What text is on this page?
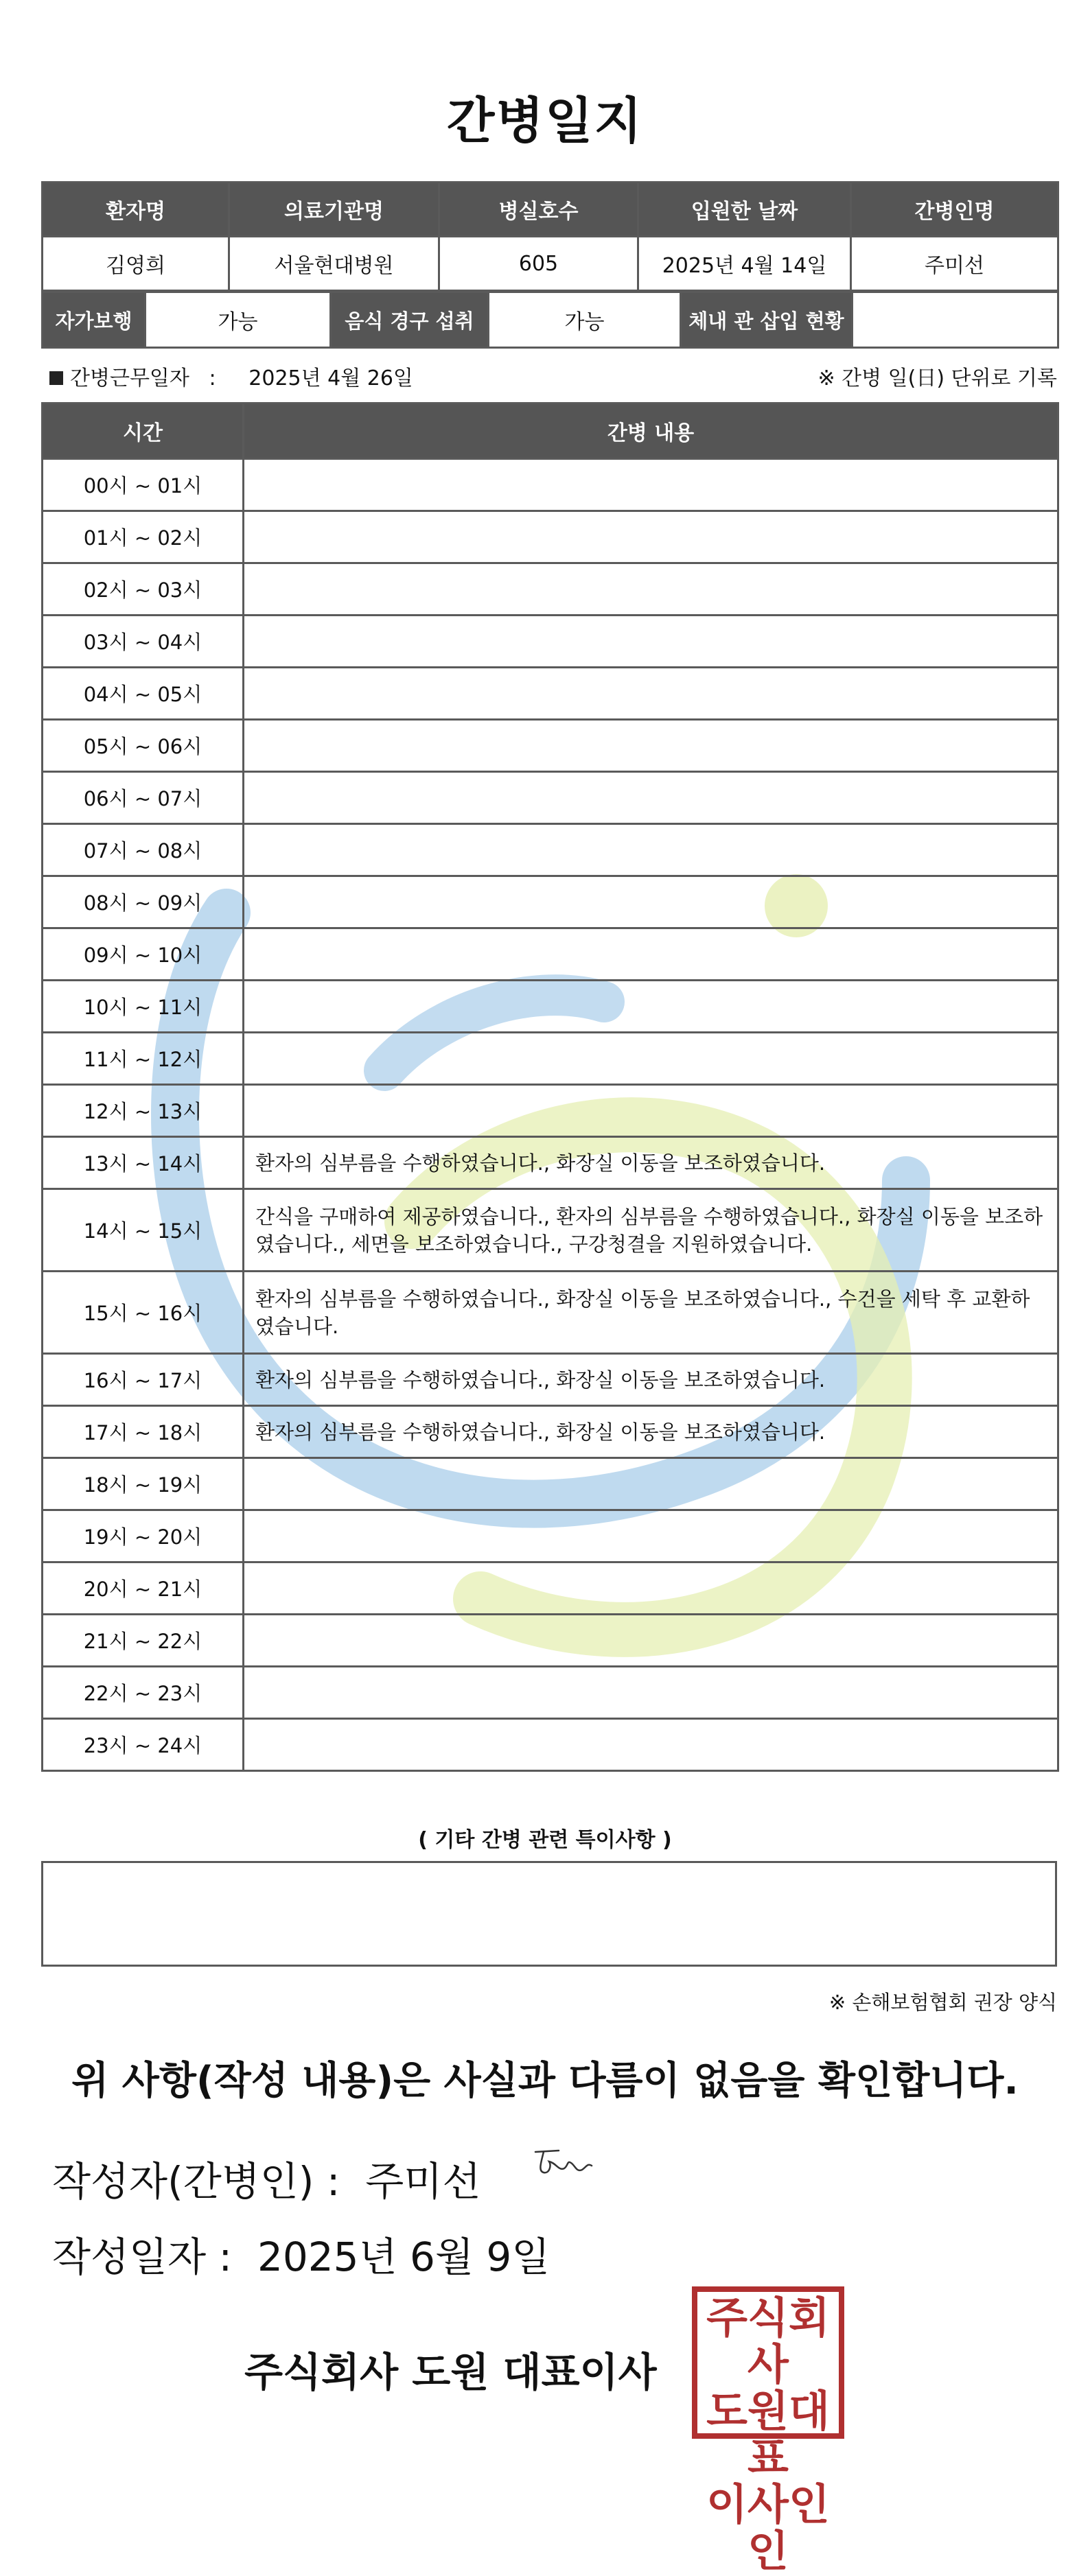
간병일지
환자명	의료기관명	병실호수	입원한 날짜	간병인명
김영희	서울현대병원	605	2025년 4월 14일	주미선
자가보행	가능	음식 경구 섭취	가능	체내 관 삽입 현황	
간병근무일자 : 2025년 4월 26일	※ 간병 일(日) 단위로 기록
시간	간병 내용
00시 ~ 01시	
01시 ~ 02시	
02시 ~ 03시	
03시 ~ 04시	
04시 ~ 05시	
05시 ~ 06시	
06시 ~ 07시	
07시 ~ 08시	
08시 ~ 09시	
09시 ~ 10시	
10시 ~ 11시	
11시 ~ 12시	
12시 ~ 13시	
13시 ~ 14시	환자의 심부름을 수행하였습니다., 화장실 이동을 보조하였습니다.
14시 ~ 15시	간식을 구매하여 제공하였습니다., 환자의 심부름을 수행하였습니다., 화장실 이동을 보조하였습니다., 세면을 보조하였습니다., 구강청결을 지원하였습니다.
15시 ~ 16시	환자의 심부름을 수행하였습니다., 화장실 이동을 보조하였습니다., 수건을 세탁 후 교환하였습니다.
16시 ~ 17시	환자의 심부름을 수행하였습니다., 화장실 이동을 보조하였습니다.
17시 ~ 18시	환자의 심부름을 수행하였습니다., 화장실 이동을 보조하였습니다.
18시 ~ 19시	
19시 ~ 20시	
20시 ~ 21시	
21시 ~ 22시	
22시 ~ 23시	
23시 ~ 24시	
( 기타 간병 관련 특이사항 )
※ 손해보험협회 권장 양식
위 사항(작성 내용)은 사실과 다름이 없음을 확인합니다.
작성자(간병인) : 주미선
작성일자 : 2025년 6월 9일
주식회사 도원 대표이사
주식회사
도원대표
이사인인
